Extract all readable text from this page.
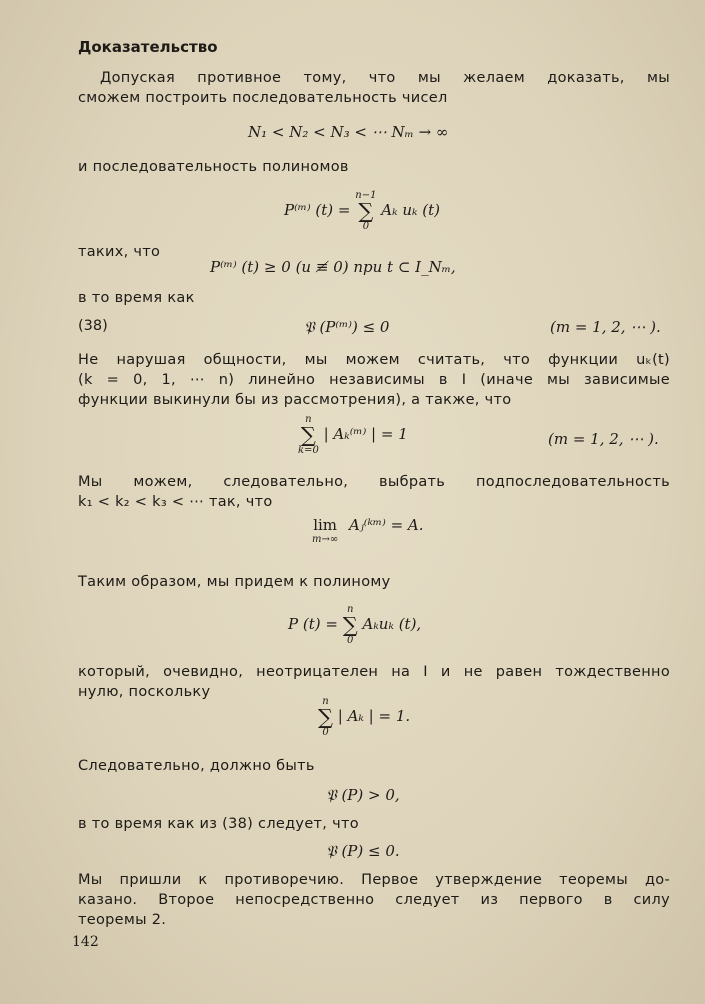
Доказательство
Допуская противное тому, что мы желаем доказать, мы
сможем построить последовательность чисел
N₁ < N₂ < N₃ < ⋯ Nₘ → ∞
и последовательность полиномов
P⁽ᵐ⁾ (t) =
n−1
∑
0
Aₖ uₖ (t)
таких, что
P⁽ᵐ⁾ (t) ≥ 0 (u ≢ 0) при t ⊂ I_Nₘ,
в то время как
(38)	𝔓 (P⁽ᵐ⁾) ≤ 0	(m = 1, 2, ⋯ ).
Не нарушая общности, мы можем считать, что функции uₖ(t)
(k = 0, 1, ⋯ n) линейно независимы в I (иначе мы зависимые
функции выкинули бы из рассмотрения), а также, что
n
∑
k=0
| Aₖ⁽ᵐ⁾ | = 1	(m = 1, 2, ⋯ ).
Мы можем, следовательно, выбрать подпоследовательность
k₁ < k₂ < k₃ < ⋯ так, что
lim
m→∞
Aⱼ⁽ᵏᵐ⁾ = A.
Таким образом, мы придем к полиному
P (t) =
n
∑
0
Aₖuₖ (t),
который, очевидно, неотрицателен на I и не равен тождественно
нулю, поскольку
n
∑
0
| Aₖ | = 1.
Следовательно, должно быть
𝔓 (P) > 0,
в то время как из (38) следует, что
𝔓 (P) ≤ 0.
Мы пришли к противоречию. Первое утверждение теоремы до-
казано. Второе непосредственно следует из первого в силу
теоремы 2.
142
